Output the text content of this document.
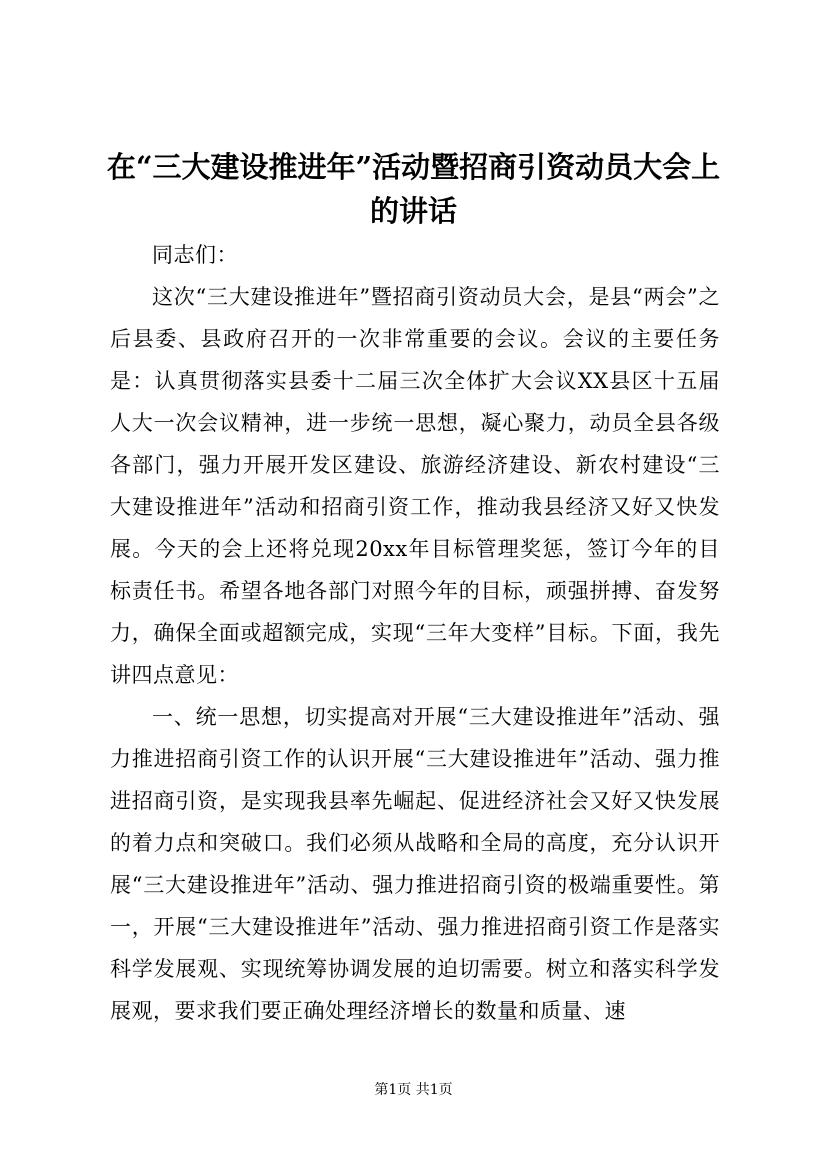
在“三大建设推进年”活动暨招商引资动员大会上的讲话

同志们：

这次“三大建设推进年”暨招商引资动员大会，是县“两会”之后县委、县政府召开的一次非常重要的会议。会议的主要任务是：认真贯彻落实县委十二届三次全体扩大会议XX县区十五届人大一次会议精神，进一步统一思想，凝心聚力，动员全县各级各部门，强力开展开发区建设、旅游经济建设、新农村建设“三大建设推进年”活动和招商引资工作，推动我县经济又好又快发展。今天的会上还将兑现20xx年目标管理奖惩，签订今年的目标责任书。希望各地各部门对照今年的目标，顽强拼搏、奋发努力，确保全面或超额完成，实现“三年大变样”目标。下面，我先讲四点意见：

一、统一思想，切实提高对开展“三大建设推进年”活动、强力推进招商引资工作的认识开展“三大建设推进年”活动、强力推进招商引资，是实现我县率先崛起、促进经济社会又好又快发展的着力点和突破口。我们必须从战略和全局的高度，充分认识开展“三大建设推进年”活动、强力推进招商引资的极端重要性。第一，开展“三大建设推进年”活动、强力推进招商引资工作是落实科学发展观、实现统筹协调发展的迫切需要。树立和落实科学发展观，要求我们要正确处理经济增长的数量和质量、速

第1页 共1页
